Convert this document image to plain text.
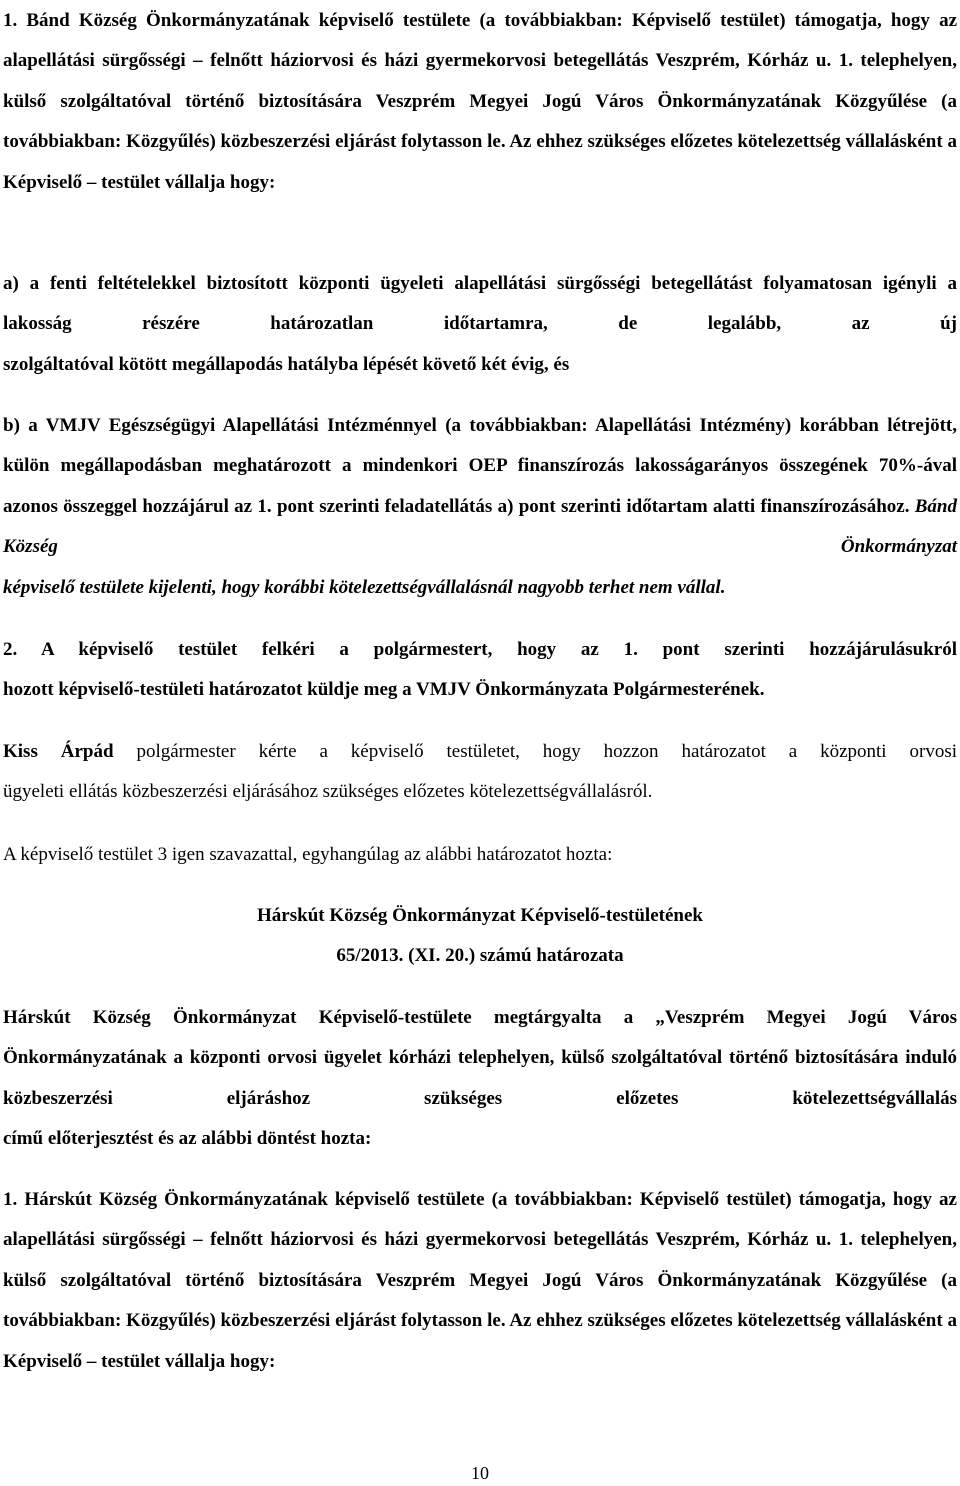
1. Bánd Község Önkormányzatának képviselő testülete (a továbbiakban: Képviselő testület) támogatja, hogy az alapellátási sürgősségi – felnőtt háziorvosi és házi gyermekorvosi betegellátás Veszprém, Kórház u. 1. telephelyen, külső szolgáltatóval történő biztosítására Veszprém Megyei Jogú Város Önkormányzatának Közgyűlése (a továbbiakban: Közgyűlés) közbeszerzési eljárást folytasson le. Az ehhez szükséges előzetes kötelezettség vállalásként a
Képviselő – testület vállalja hogy:
a) a fenti feltételekkel biztosított központi ügyeleti alapellátási sürgősségi betegellátást folyamatosan igényli a lakosság részére határozatlan időtartamra, de legalább, az új
szolgáltatóval kötött megállapodás hatályba lépését követő két évig, és
b) a VMJV Egészségügyi Alapellátási Intézménnyel (a továbbiakban: Alapellátási Intézmény) korábban létrejött, külön megállapodásban meghatározott a mindenkori OEP finanszírozás lakosságarányos összegének 70%-ával azonos összeggel hozzájárul az 1. pont szerinti feladatellátás a) pont szerinti időtartam alatti finanszírozásához. Bánd Község Önkormányzat
képviselő testülete kijelenti, hogy korábbi kötelezettségvállalásnál nagyobb terhet nem vállal.
2. A képviselő testület felkéri a polgármestert, hogy az 1. pont szerinti hozzájárulásukról
hozott képviselő-testületi határozatot küldje meg a VMJV Önkormányzata Polgármesterének.
Kiss Árpád polgármester kérte a képviselő testületet, hogy hozzon határozatot a központi orvosi
ügyeleti ellátás közbeszerzési eljárásához szükséges előzetes kötelezettségvállalásról.
A képviselő testület 3 igen szavazattal, egyhangúlag az alábbi határozatot hozta:
Hárskút Község Önkormányzat Képviselő-testületének
65/2013. (XI. 20.) számú határozata
Hárskút Község Önkormányzat Képviselő-testülete megtárgyalta a „Veszprém Megyei Jogú Város Önkormányzatának a központi orvosi ügyelet kórházi telephelyen, külső szolgáltatóval történő biztosítására induló közbeszerzési eljáráshoz szükséges előzetes kötelezettségvállalás
című előterjesztést és az alábbi döntést hozta:
1. Hárskút Község Önkormányzatának képviselő testülete (a továbbiakban: Képviselő testület) támogatja, hogy az alapellátási sürgősségi – felnőtt háziorvosi és házi gyermekorvosi betegellátás Veszprém, Kórház u. 1. telephelyen, külső szolgáltatóval történő biztosítására Veszprém Megyei Jogú Város Önkormányzatának Közgyűlése (a továbbiakban: Közgyűlés) közbeszerzési eljárást folytasson le. Az ehhez szükséges előzetes kötelezettség vállalásként a
Képviselő – testület vállalja hogy:
10
